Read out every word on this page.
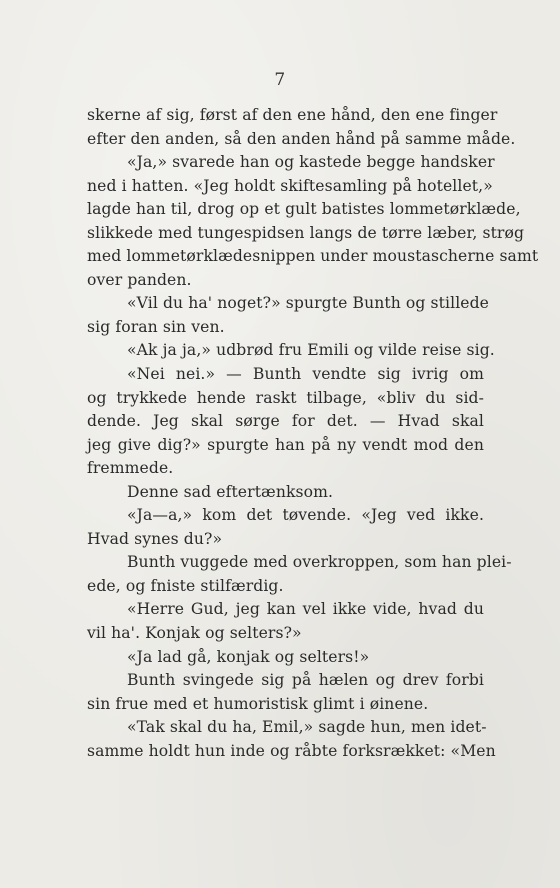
7
skerne af sig, først af den ene hånd, den ene finger
efter den anden, så den anden hånd på samme måde.
«Ja,» svarede han og kastede begge handsker
ned i hatten. «Jeg holdt skiftesamling på hotellet,»
lagde han til, drog op et gult batistes lommetørklæde,
slikkede med tungespidsen langs de tørre læber, strøg
med lommetørklædesnippen under moustascherne samt
over panden.
«Vil du ha' noget?» spurgte Bunth og stillede
sig foran sin ven.
«Ak ja ja,» udbrød fru Emili og vilde reise sig.
«Nei nei.» — Bunth vendte sig ivrig om
og trykkede hende raskt tilbage, «bliv du sid-
dende. Jeg skal sørge for det. — Hvad skal
jeg give dig?» spurgte han på ny vendt mod den
fremmede.
Denne sad eftertænksom.
«Ja—a,» kom det tøvende. «Jeg ved ikke.
Hvad synes du?»
Bunth vuggede med overkroppen, som han plei-
ede, og fniste stilfærdig.
«Herre Gud, jeg kan vel ikke vide, hvad du
vil ha'. Konjak og selters?»
«Ja lad gå, konjak og selters!»
Bunth svingede sig på hælen og drev forbi
sin frue med et humoristisk glimt i øinene.
«Tak skal du ha, Emil,» sagde hun, men idet-
samme holdt hun inde og råbte forksrækket: «Men
